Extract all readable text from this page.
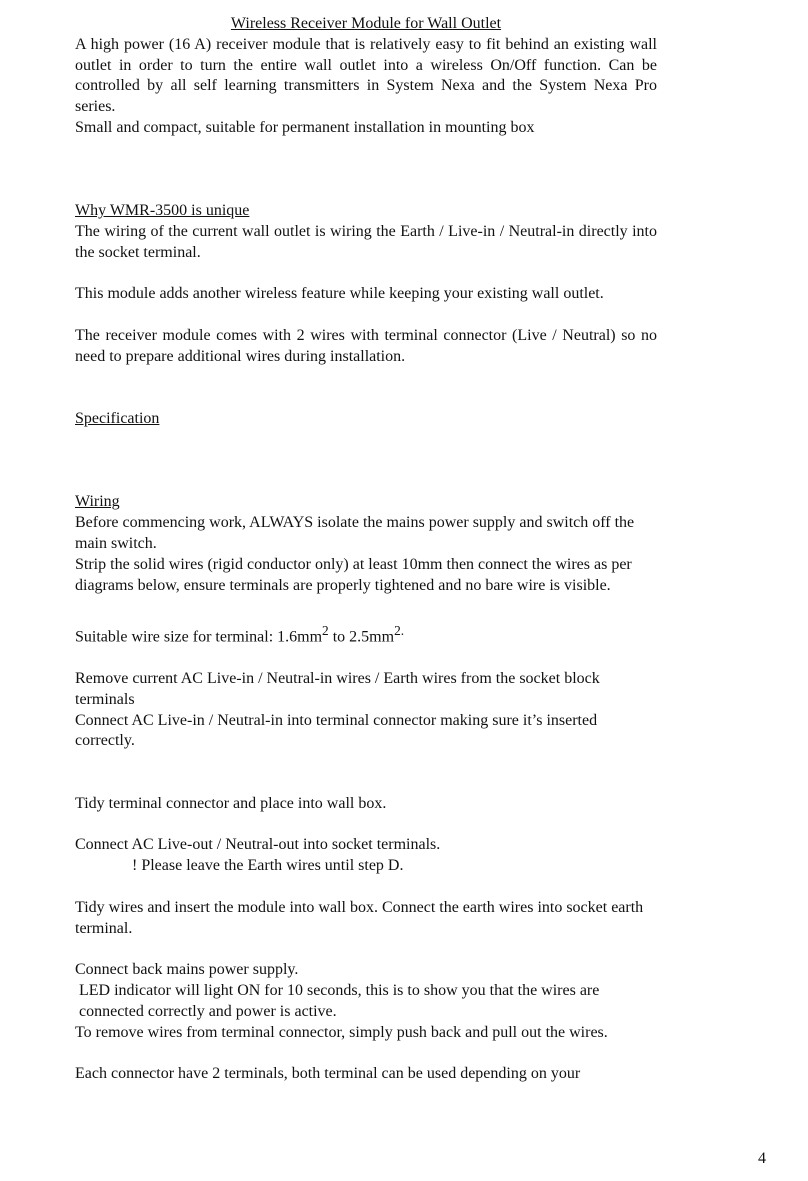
Wireless Receiver Module for Wall Outlet

A high power (16 A) receiver module that is relatively easy to fit behind an existing wall outlet in order to turn the entire wall outlet into a wireless On/Off function. Can be controlled by all self learning transmitters in System Nexa and the System Nexa Pro series.

Small and compact, suitable for permanent installation in mounting box

Why WMR-3500 is unique

The wiring of the current wall outlet is wiring the Earth / Live-in / Neutral-in directly into the socket terminal.

This module adds another wireless feature while keeping your existing wall outlet.

The receiver module comes with 2 wires with terminal connector (Live / Neutral) so no need to prepare additional wires during installation.

Specification
Wiring

Before commencing work, ALWAYS isolate the mains power supply and switch off the main switch.

Strip the solid wires (rigid conductor only) at least 10mm then connect the wires as per diagrams below, ensure terminals are properly tightened and no bare wire is visible.

Suitable wire size for terminal: $1.6mm^2$ to $2.5mm^{2.}$

Remove current AC Live-in / Neutral-in wires / Earth wires from the socket block terminals

Connect AC Live-in / Neutral-in into terminal connector making sure it’s inserted correctly.

Tidy terminal connector and place into wall box.

Connect AC Live-out / Neutral-out into socket terminals.

! Please leave the Earth wires until step D.

Tidy wires and insert the module into wall box. Connect the earth wires into socket earth terminal.

Connect back mains power supply.

LED indicator will light ON for 10 seconds, this is to show you that the wires are connected correctly and power is active.

To remove wires from terminal connector, simply push back and pull out the wires.

Each connector have 2 terminals, both terminal can be used depending on your

4
